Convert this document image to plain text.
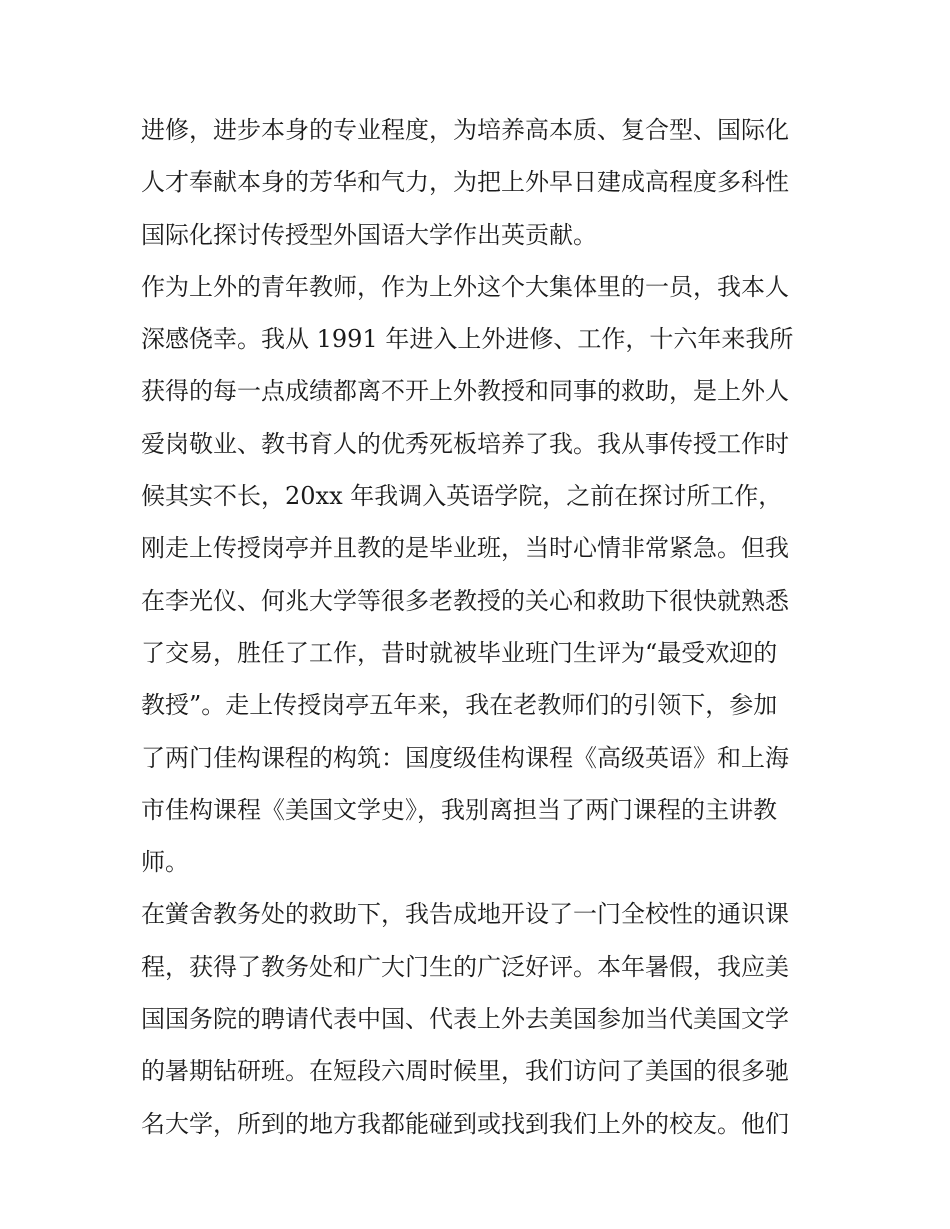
进修，进步本身的专业程度，为培养高本质、复合型、国际化
人才奉献本身的芳华和气力，为把上外早日建成高程度多科性
国际化探讨传授型外国语大学作出英贡献。
作为上外的青年教师，作为上外这个大集体里的一员，我本人
深感侥幸。我从 1991 年进入上外进修、工作，十六年来我所
获得的每一点成绩都离不开上外教授和同事的救助，是上外人
爱岗敬业、教书育人的优秀死板培养了我。我从事传授工作时
候其实不长，20xx 年我调入英语学院，之前在探讨所工作，
刚走上传授岗亭并且教的是毕业班，当时心情非常紧急。但我
在李光仪、何兆大学等很多老教授的关心和救助下很快就熟悉
了交易，胜任了工作，昔时就被毕业班门生评为“最受欢迎的
教授”。走上传授岗亭五年来，我在老教师们的引领下，参加
了两门佳构课程的构筑：国度级佳构课程《高级英语》和上海
市佳构课程《美国文学史》，我别离担当了两门课程的主讲教
师。
在黉舍教务处的救助下，我告成地开设了一门全校性的通识课
程，获得了教务处和广大门生的广泛好评。本年暑假，我应美
国国务院的聘请代表中国、代表上外去美国参加当代美国文学
的暑期钻研班。在短段六周时候里，我们访问了美国的很多驰
名大学，所到的地方我都能碰到或找到我们上外的校友。他们
